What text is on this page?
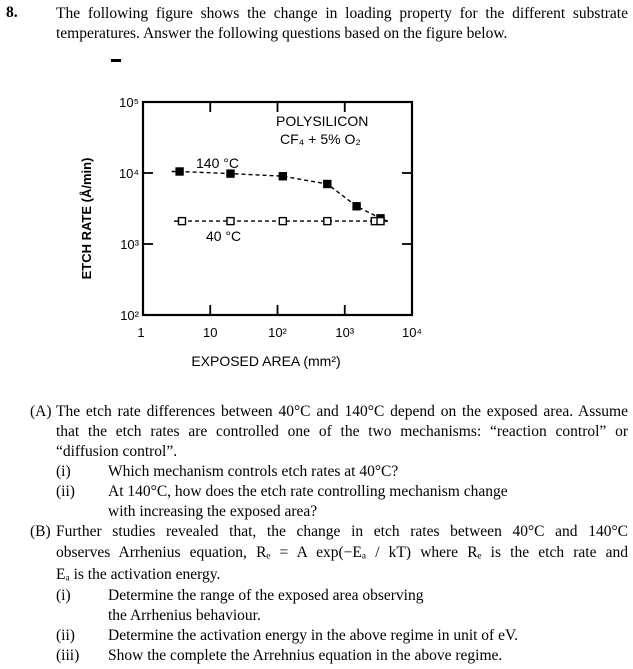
8. The following figure shows the change in loading property for the different substrate temperatures. Answer the following questions based on the figure below.
1	10	10²	10³	10⁴
10⁵
10⁴
10³
10²
POLYSILICON
CF₄ + 5% O₂
140 °C
40 °C
EXPOSED AREA (mm²)
ETCH RATE (Å/min)
(A) The etch rate differences between 40°C and 140°C depend on the exposed area. Assume that the etch rates are controlled one of the two mechanisms: “reaction control” or “diffusion control”.
(i) Which mechanism controls etch rates at 40°C?
(ii) At 140°C, how does the etch rate controlling mechanism change
with increasing the exposed area?
(B) Further studies revealed that, the change in etch rates between 40°C and 140°C
observes Arrhenius equation, Rₑ = A exp(−Eₐ / kT) where Rₑ is the etch rate and
Eₐ is the activation energy.
(i) Determine the range of the exposed area observing
the Arrhenius behaviour.
(ii) Determine the activation energy in the above regime in unit of eV.
(iii) Show the complete the Arrehnius equation in the above regime.
